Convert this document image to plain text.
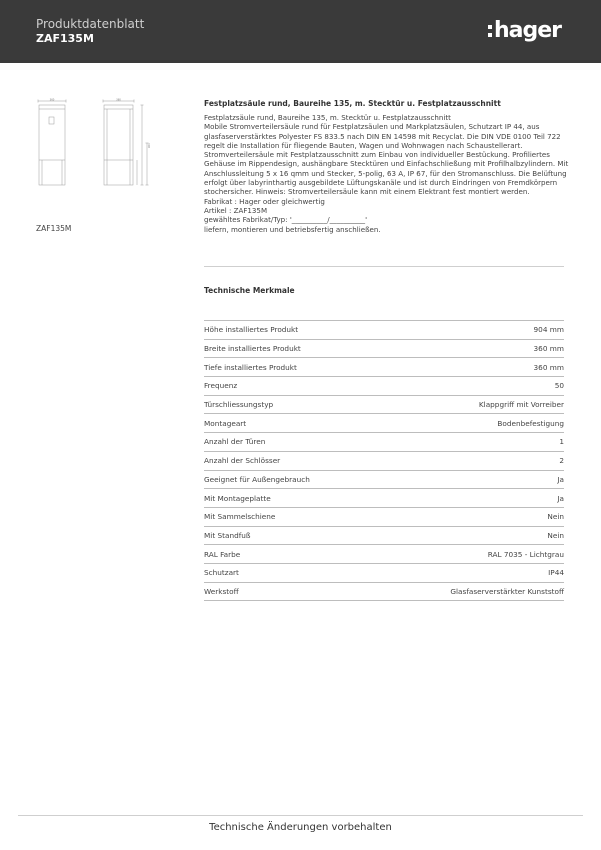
Produktdatenblatt
ZAF135M	hager
360	360
904
ZAF135M
Festplatzsäule rund, Baureihe 135, m. Stecktür u. Festplatzausschnitt
Festplatzsäule rund, Baureihe 135, m. Stecktür u. Festplatzausschnitt
Mobile Stromverteilersäule rund für Festplatzsäulen und Markplatzsäulen, Schutzart IP 44, aus glasfaserverstärktes Polyester FS 833.5 nach DIN EN 14598 mit Recyclat. Die DIN VDE 0100 Teil 722 regelt die Installation für fliegende Bauten, Wagen und Wohnwagen nach Schaustellerart. Stromverteilersäule mit Festplatzausschnitt zum Einbau von individueller Bestückung. Profiliertes Gehäuse im Rippendesign, aushängbare Stecktüren und Einfachschließung mit Profilhalbzylindern. Mit Anschlussleitung 5 x 16 qmm und Stecker, 5-polig, 63 A, IP 67, für den Stromanschluss. Die Belüftung erfolgt über labyrinthartig ausgebildete Lüftungskanäle und ist durch Eindringen von Fremdkörpern stochersicher. Hinweis: Stromverteilersäule kann mit einem Elektrant fest montiert werden.
Fabrikat : Hager oder gleichwertig
Artikel : ZAF135M
gewähltes Fabrikat/Typ: '__________/__________'
liefern, montieren und betriebsfertig anschließen.
Technische Merkmale
Höhe installiertes Produkt	904 mm
Breite installiertes Produkt	360 mm
Tiefe installiertes Produkt	360 mm
Frequenz	50
Türschliessungstyp	Klappgriff mit Vorreiber
Montageart	Bodenbefestigung
Anzahl der Türen	1
Anzahl der Schlösser	2
Geeignet für Außengebrauch	Ja
Mit Montageplatte	Ja
Mit Sammelschiene	Nein
Mit Standfuß	Nein
RAL Farbe	RAL 7035 - Lichtgrau
Schutzart	IP44
Werkstoff	Glasfaserverstärkter Kunststoff
Technische Änderungen vorbehalten
